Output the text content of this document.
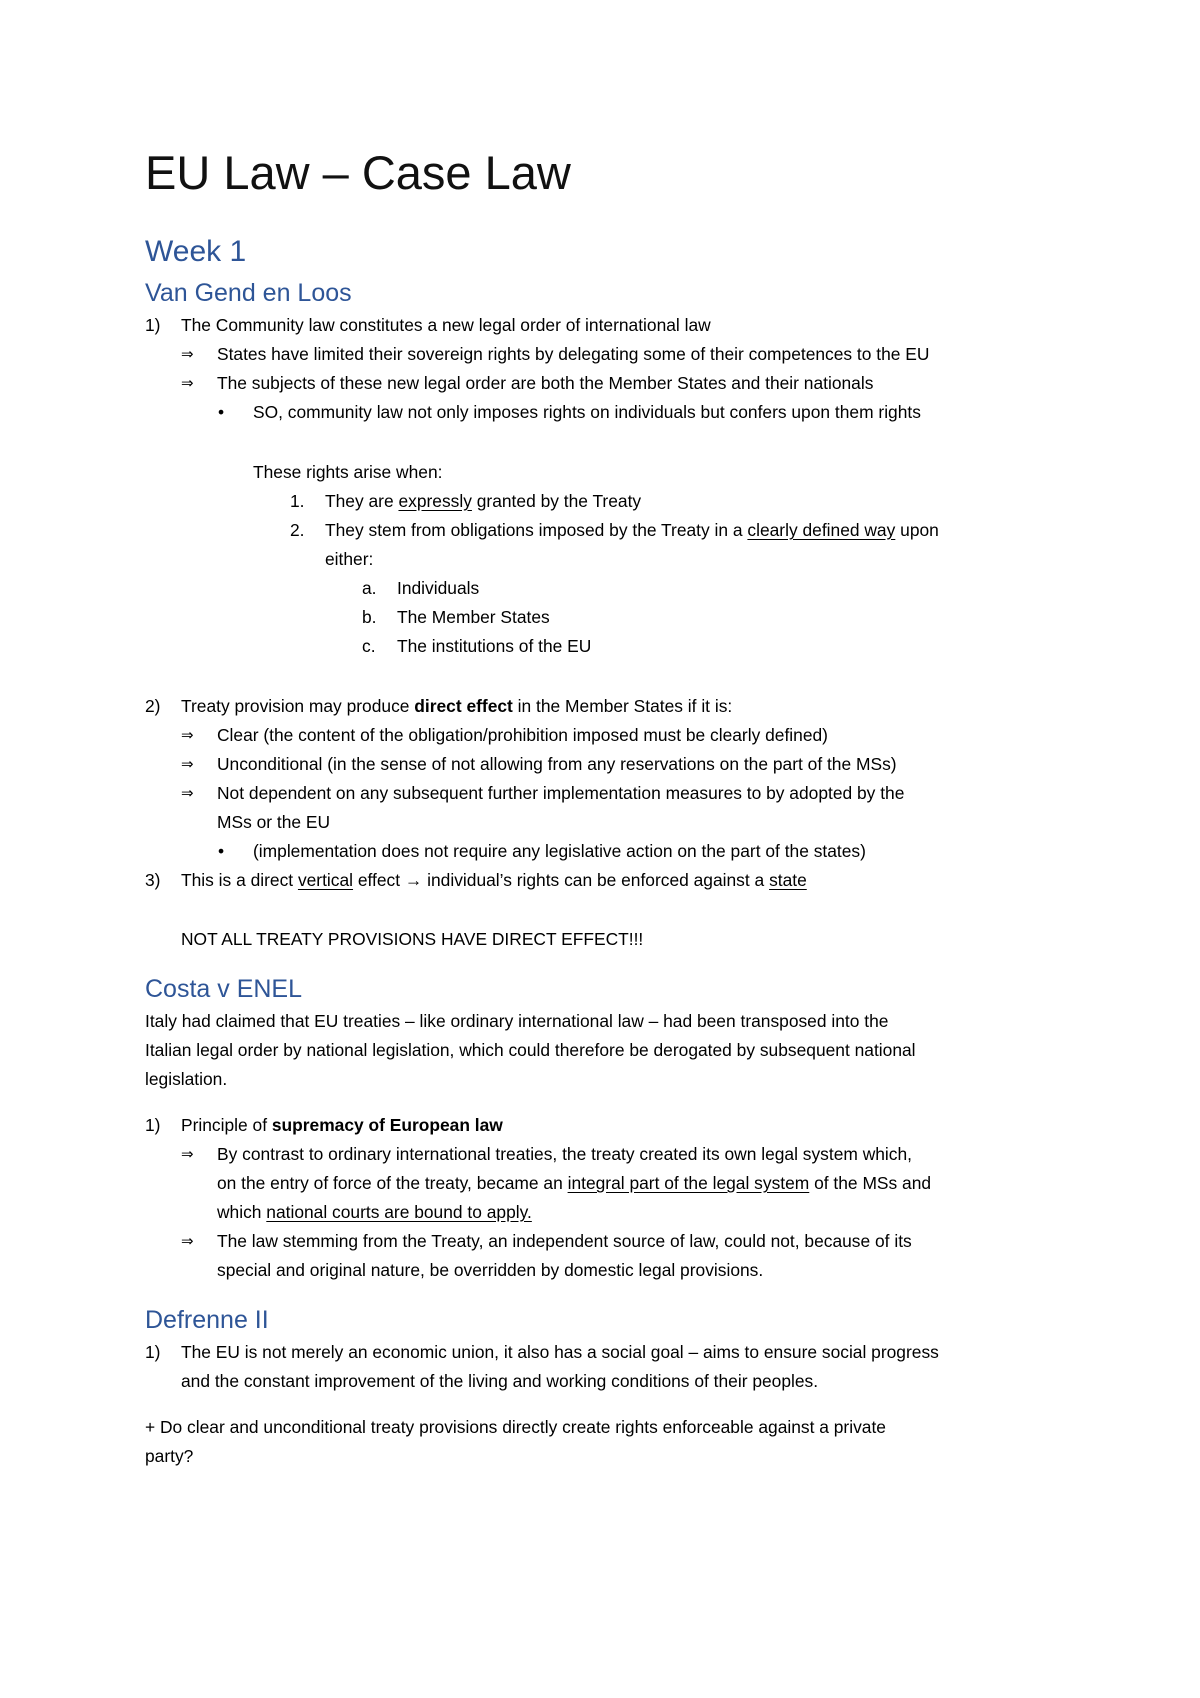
EU Law – Case Law
Week 1
Van Gend en Loos
1) The Community law constitutes a new legal order of international law
⇒ States have limited their sovereign rights by delegating some of their competences to the EU
⇒ The subjects of these new legal order are both the Member States and their nationals
• SO, community law not only imposes rights on individuals but confers upon them rights
These rights arise when:
1. They are expressly granted by the Treaty
2. They stem from obligations imposed by the Treaty in a clearly defined way upon
either:
a. Individuals
b. The Member States
c. The institutions of the EU
2) Treaty provision may produce direct effect in the Member States if it is:
⇒ Clear (the content of the obligation/prohibition imposed must be clearly defined)
⇒ Unconditional (in the sense of not allowing from any reservations on the part of the MSs)
⇒ Not dependent on any subsequent further implementation measures to by adopted by the
MSs or the EU
• (implementation does not require any legislative action on the part of the states)
3) This is a direct vertical effect → individual’s rights can be enforced against a state
NOT ALL TREATY PROVISIONS HAVE DIRECT EFFECT!!!
Costa v ENEL
Italy had claimed that EU treaties – like ordinary international law – had been transposed into the
Italian legal order by national legislation, which could therefore be derogated by subsequent national
legislation.
1) Principle of supremacy of European law
⇒ By contrast to ordinary international treaties, the treaty created its own legal system which,
on the entry of force of the treaty, became an integral part of the legal system of the MSs and
which national courts are bound to apply.
⇒ The law stemming from the Treaty, an independent source of law, could not, because of its
special and original nature, be overridden by domestic legal provisions.
Defrenne II
1) The EU is not merely an economic union, it also has a social goal – aims to ensure social progress
and the constant improvement of the living and working conditions of their peoples.
+ Do clear and unconditional treaty provisions directly create rights enforceable against a private
party?
